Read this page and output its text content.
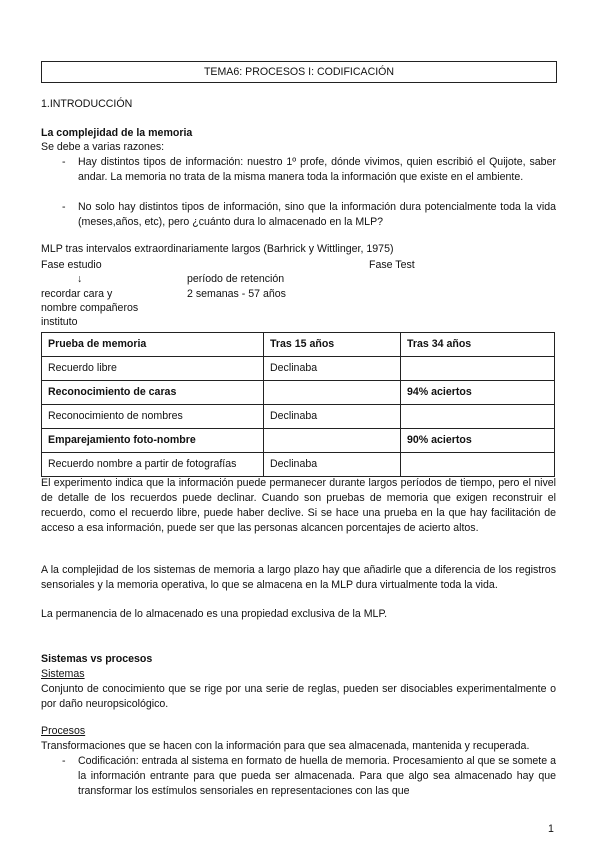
TEMA6: PROCESOS I: CODIFICACIÓN
1.INTRODUCCIÓN
La complejidad de la memoria
Se debe a varias razones:
- Hay distintos tipos de información: nuestro 1º profe, dónde vivimos, quien escribió el Quijote, saber andar. La memoria no trata de la misma manera toda la información que existe en el ambiente.
- No solo hay distintos tipos de información, sino que la información dura potencialmente toda la vida (meses,años, etc), pero ¿cuánto dura lo almacenado en la MLP?
MLP tras intervalos extraordinariamente largos (Barhrick y Wittlinger, 1975)
Fase estudio	Fase Test
↓	período de retención
recordar cara y	2 semanas - 57 años
nombre compañeros
instituto
Prueba de memoria	Tras 15 años	Tras 34 años
Recuerdo libre	Declinaba	
Reconocimiento de caras		94% aciertos
Reconocimiento de nombres	Declinaba	
Emparejamiento foto-nombre		90% aciertos
Recuerdo nombre a partir de fotografías	Declinaba	
El experimento indica que la información puede permanecer durante largos períodos de tiempo, pero el nivel de detalle de los recuerdos puede declinar. Cuando son pruebas de memoria que exigen reconstruir el recuerdo, como el recuerdo libre, puede haber declive. Si se hace una prueba en la que hay facilitación de acceso a esa información, puede ser que las personas alcancen porcentajes de acierto altos.
A la complejidad de los sistemas de memoria a largo plazo hay que añadirle que a diferencia de los registros sensoriales y la memoria operativa, lo que se almacena en la MLP dura virtualmente toda la vida.
La permanencia de lo almacenado es una propiedad exclusiva de la MLP.
Sistemas vs procesos
Sistemas
Conjunto de conocimiento que se rige por una serie de reglas, pueden ser disociables experimentalmente o por daño neuropsicológico.
Procesos
Transformaciones que se hacen con la información para que sea almacenada, mantenida y recuperada.
- Codificación: entrada al sistema en formato de huella de memoria. Procesamiento al que se somete a la información entrante para que pueda ser almacenada. Para que algo sea almacenado hay que transformar los estímulos sensoriales en representaciones con las que
1
